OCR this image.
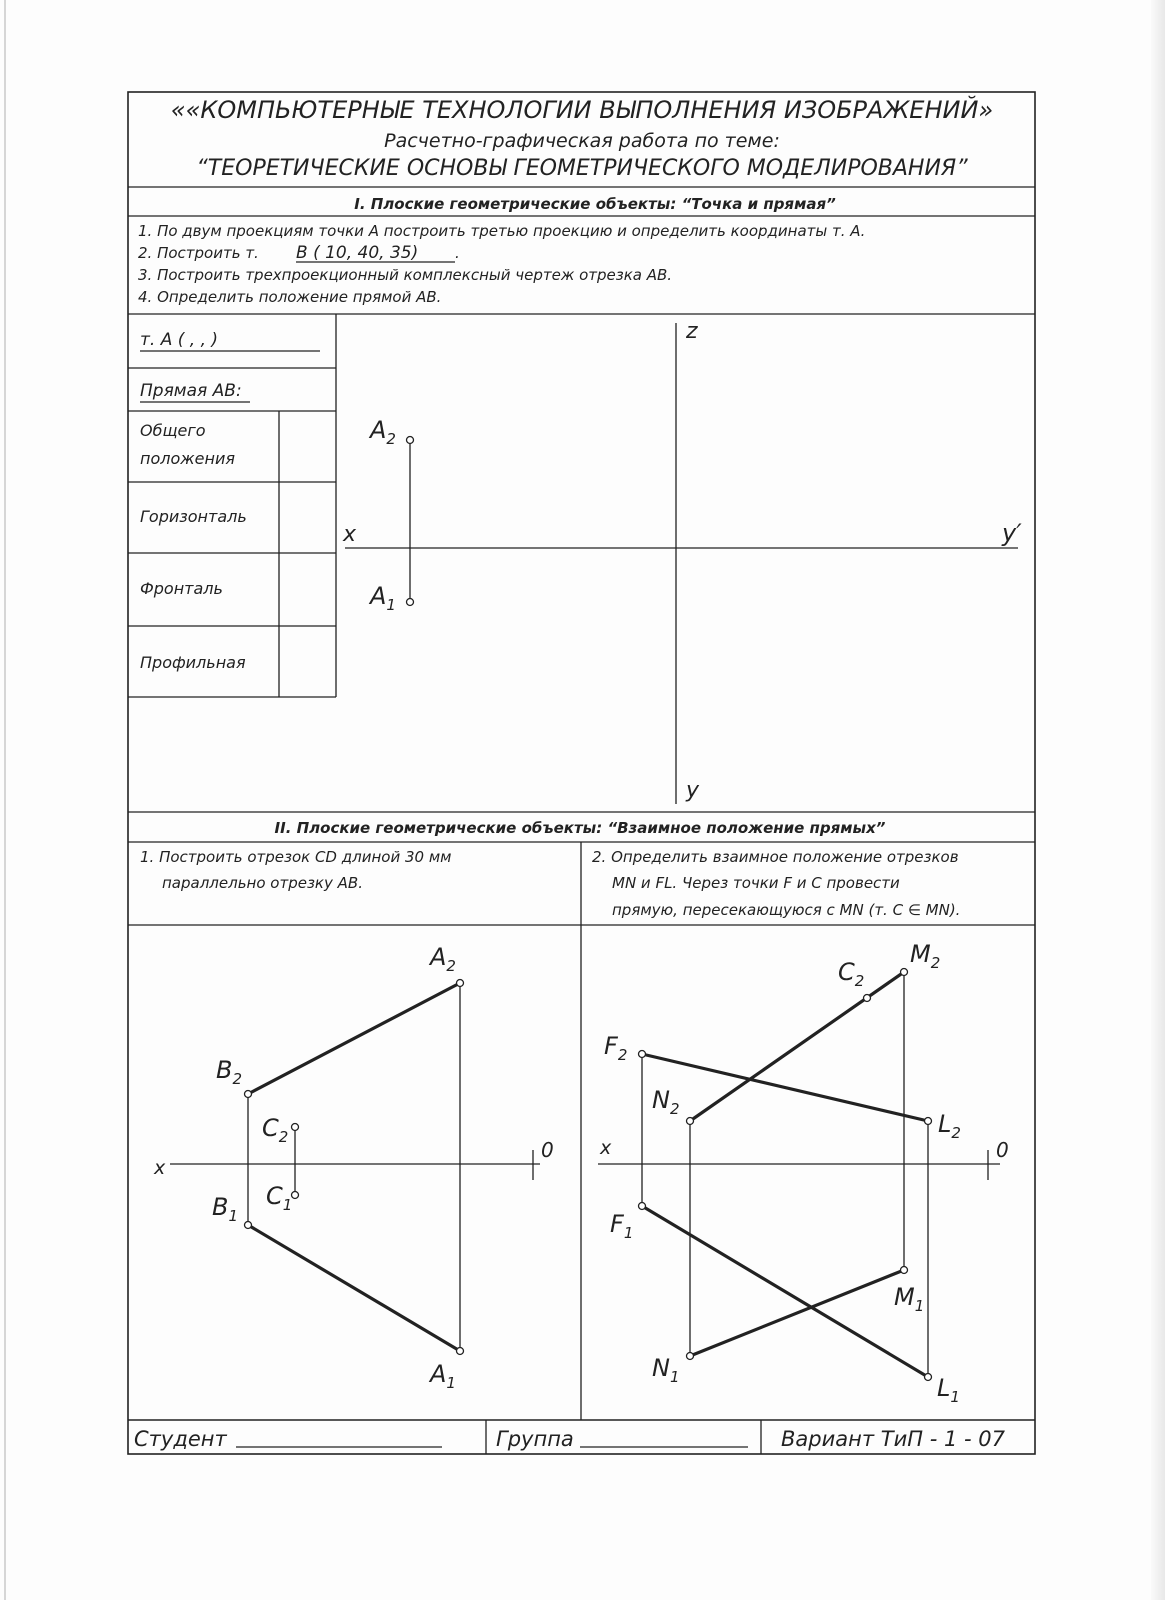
««КОМПЬЮТЕРНЫЕ ТЕХНОЛОГИИ ВЫПОЛНЕНИЯ ИЗОБРАЖЕНИЙ»
Расчетно-графическая работа по теме:
“ТЕОРЕТИЧЕСКИЕ ОСНОВЫ ГЕОМЕТРИЧЕСКОГО МОДЕЛИРОВАНИЯ”
I. Плоские геометрические объекты: “Точка и прямая”
1. По двум проекциям точки А построить третью проекцию и определить координаты т. А.
2. Построить т. В ( 10, 40, 35) .
3. Построить трехпроекционный комплексный чертеж отрезка АВ.
4. Определить положение прямой АВ.
т. А ( , , )
Прямая АВ:
Общего
положения
Горизонталь
Фронталь
Профильная
z
x	y′
y
$A_2$
$A_1$
II. Плоские геометрические объекты: “Взаимное положение прямых”
1. Построить отрезок CD длиной 30 мм
параллельно отрезку AB.
2. Определить взаимное положение отрезков
MN и FL. Через точки F и C провести
прямую, пересекающуюся с MN (т. C ∈ MN).
x
0
$A_2$
$B_2$
$C_2$
$B_1$
$C_1$
$A_1$
x	0
$M_2$
$C_2$
$F_2$
$N_2$
$L_2$
$F_1$
$M_1$
$N_1$	$L_1$
Студент	Группа	Вариант ТиП - 1 - 07
